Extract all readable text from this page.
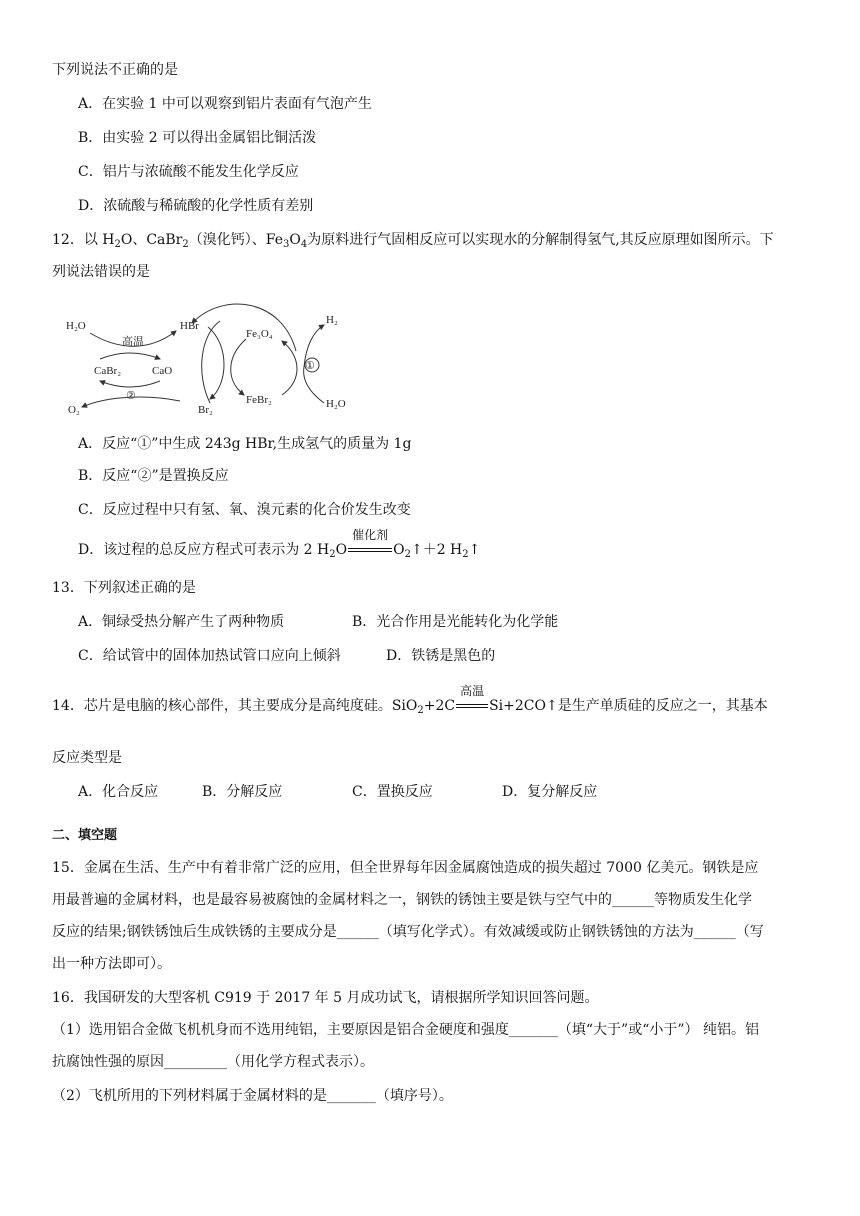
下列说法不正确的是
A．在实验 1 中可以观察到铝片表面有气泡产生
B．由实验 2 可以得出金属铝比铜活泼
C．铝片与浓硫酸不能发生化学反应
D．浓硫酸与稀硫酸的化学性质有差别
12．以 $H_2O$、CaBr$_2$（溴化钙）、$Fe_3O_4$为原料进行气固相反应可以实现水的分解制得氢气,其反应原理如图所示。下
列说法错误的是
H₂O	HBr
高温
CaBr₂	CaO
②
O₂	Br₂
Fe₃O₄
FeBr₂
H₂
①
H₂O
A．反应“①”中生成 243g HBr,生成氢气的质量为 1g
B．反应“②”是置换反应
C．反应过程中只有氢、氧、溴元素的化合价发生改变
D．该过程的总反应方程式可表示为 2 $H_2O$
催化剂
$O_2↑+2$ $H_2↑$
13．下列叙述正确的是
A．铜绿受热分解产生了两种物质	B．光合作用是光能转化为化学能
C．给试管中的固体加热试管口应向上倾斜	D．铁锈是黑色的
14．芯片是电脑的核心部件，其主要成分是高纯度硅。SiO$_2$+2C
高温
Si+2CO↑是生产单质硅的反应之一，其基本
反应类型是
A．化合反应	B．分解反应	C．置换反应	D．复分解反应
二、填空题
15．金属在生活、生产中有着非常广泛的应用，但全世界每年因金属腐蚀造成的损失超过 7000 亿美元。钢铁是应
用最普遍的金属材料，也是最容易被腐蚀的金属材料之一，钢铁的锈蚀主要是铁与空气中的______等物质发生化学
反应的结果;钢铁锈蚀后生成铁锈的主要成分是______（填写化学式）。有效减缓或防止钢铁锈蚀的方法为______（写
出一种方法即可）。
16．我国研发的大型客机 C919 于 2017 年 5 月成功试飞，请根据所学知识回答问题。
（1）选用铝合金做飞机机身而不选用纯铝，主要原因是铝合金硬度和强度_______（填“大于”或“小于”） 纯铝。铝
抗腐蚀性强的原因_________（用化学方程式表示）。
（2）飞机所用的下列材料属于金属材料的是_______（填序号）。
